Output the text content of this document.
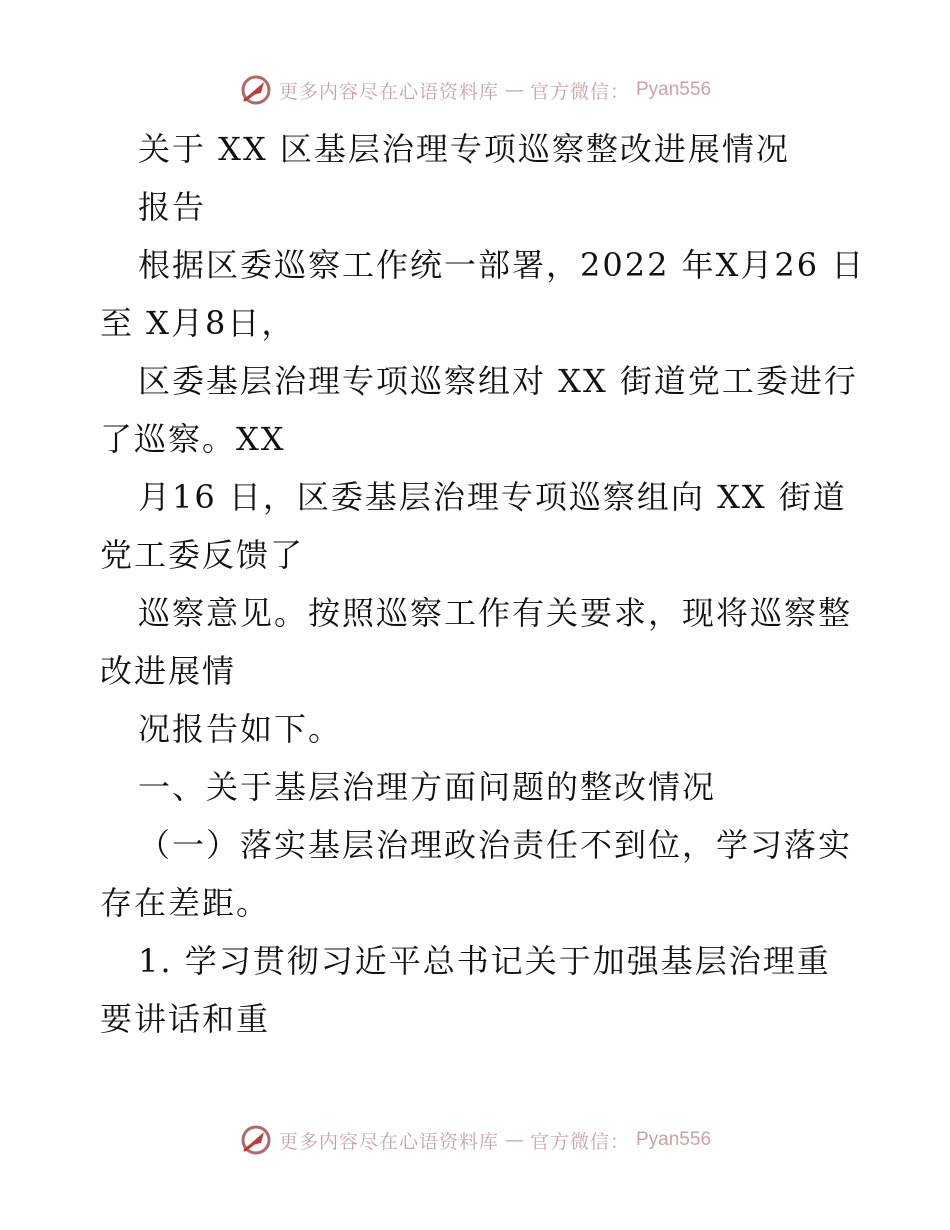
更多内容尽在心语资料库 — 官方微信： Pyan556
关于 XX 区基层治理专项巡察整改进展情况
报告
根据区委巡察工作统一部署，2022 年X月26 日
至 X月8日，
区委基层治理专项巡察组对 XX 街道党工委进行
了巡察。XX
月16 日，区委基层治理专项巡察组向 XX 街道
党工委反馈了
巡察意见。按照巡察工作有关要求，现将巡察整
改进展情
况报告如下。
一、关于基层治理方面问题的整改情况
（一）落实基层治理政治责任不到位，学习落实
存在差距。
1. 学习贯彻习近平总书记关于加强基层治理重
要讲话和重
更多内容尽在心语资料库 — 官方微信： Pyan556
